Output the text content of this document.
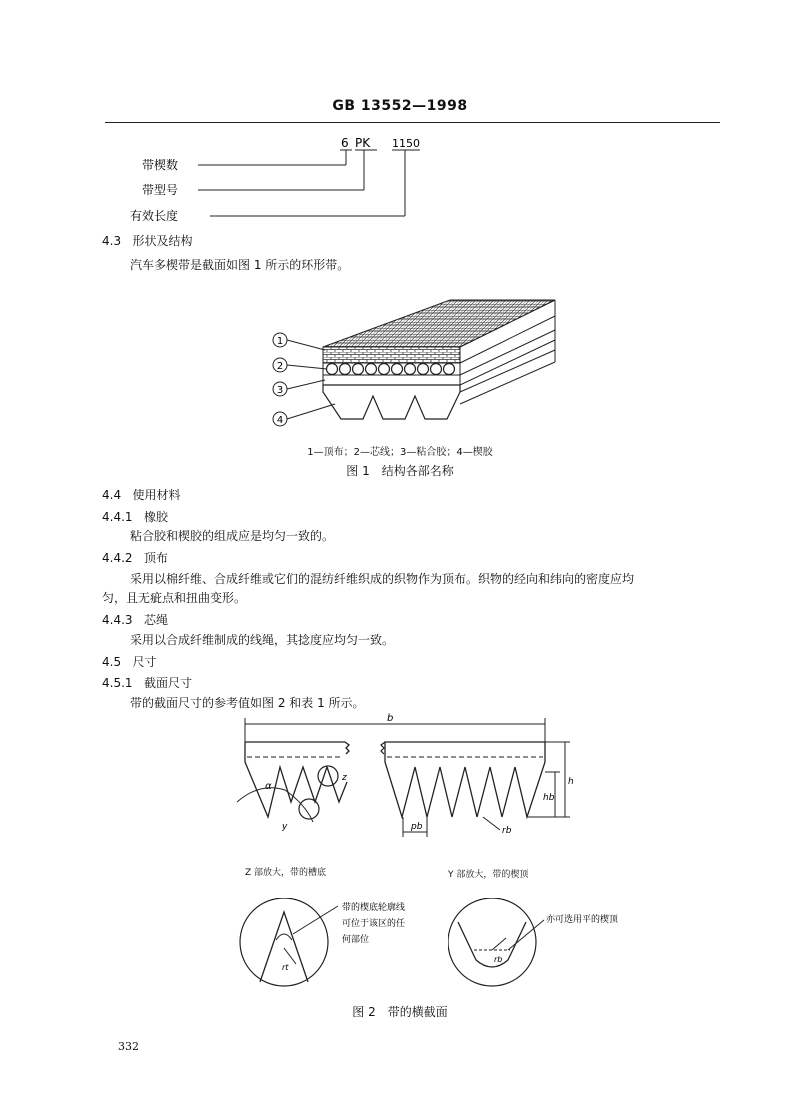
GB 13552—1998
6 PK 1150
带楔数
带型号
有效长度
4.3 形状及结构
汽车多楔带是截面如图 1 所示的环形带。
1
2
3
4
1—顶布；2—芯线；3—粘合胶；4—楔胶
图 1　结构各部名称
4.4 使用材料
4.4.1 橡胶
粘合胶和楔胶的组成应是均匀一致的。
4.4.2 顶布
采用以棉纤维、合成纤维或它们的混纺纤维织成的织物作为顶布。织物的经向和纬向的密度应均
匀，且无疵点和扭曲变形。
4.4.3 芯绳
采用以合成纤维制成的线绳，其捻度应均匀一致。
4.5 尺寸
4.5.1 截面尺寸
带的截面尺寸的参考值如图 2 和表 1 所示。
b
α
z
y
hb
h
pb	rb
Z 部放大，带的槽底	Y 部放大，带的楔顶
rt
带的楔底轮廓线
可位于该区的任
何部位
rb
亦可选用平的楔顶
图 2　带的横截面
332
